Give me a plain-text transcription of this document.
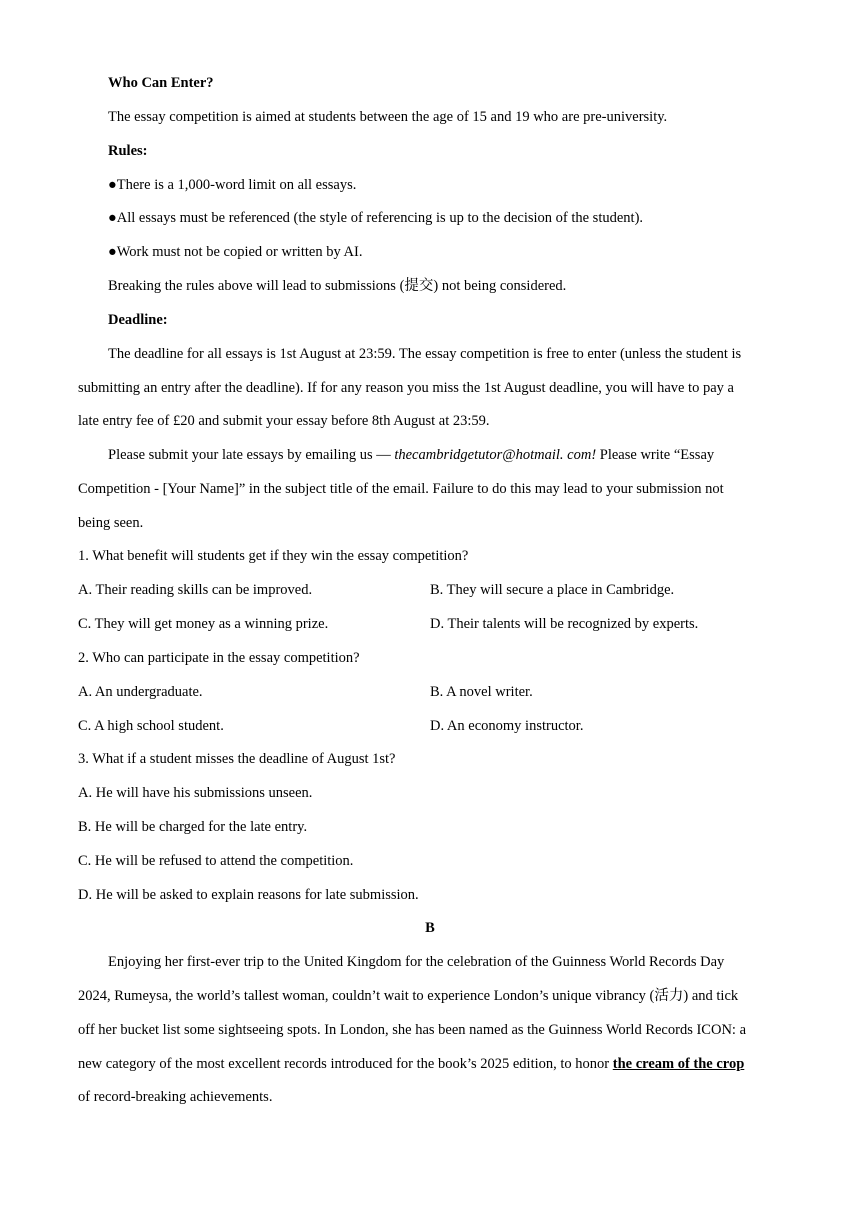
Who Can Enter?
The essay competition is aimed at students between the age of 15 and 19 who are pre-university.
Rules:
●There is a 1,000-word limit on all essays.
●All essays must be referenced (the style of referencing is up to the decision of the student).
●Work must not be copied or written by AI.
Breaking the rules above will lead to submissions (提交) not being considered.
Deadline:
The deadline for all essays is 1st August at 23:59. The essay competition is free to enter (unless the student is
submitting an entry after the deadline). If for any reason you miss the 1st August deadline, you will have to pay a
late entry fee of £20 and submit your essay before 8th August at 23:59.
Please submit your late essays by emailing us — thecambridgetutor@hotmail. com! Please write “Essay
Competition - [Your Name]” in the subject title of the email. Failure to do this may lead to your submission not
being seen.
1. What benefit will students get if they win the essay competition?
A. Their reading skills can be improved.	B. They will secure a place in Cambridge.
C. They will get money as a winning prize.	D. Their talents will be recognized by experts.
2. Who can participate in the essay competition?
A. An undergraduate.	B. A novel writer.
C. A high school student.	D. An economy instructor.
3. What if a student misses the deadline of August 1st?
A. He will have his submissions unseen.
B. He will be charged for the late entry.
C. He will be refused to attend the competition.
D. He will be asked to explain reasons for late submission.
B
Enjoying her first-ever trip to the United Kingdom for the celebration of the Guinness World Records Day
2024, Rumeysa, the world’s tallest woman, couldn’t wait to experience London’s unique vibrancy (活力) and tick
off her bucket list some sightseeing spots. In London, she has been named as the Guinness World Records ICON: a
new category of the most excellent records introduced for the book’s 2025 edition, to honor the cream of the crop
of record-breaking achievements.
